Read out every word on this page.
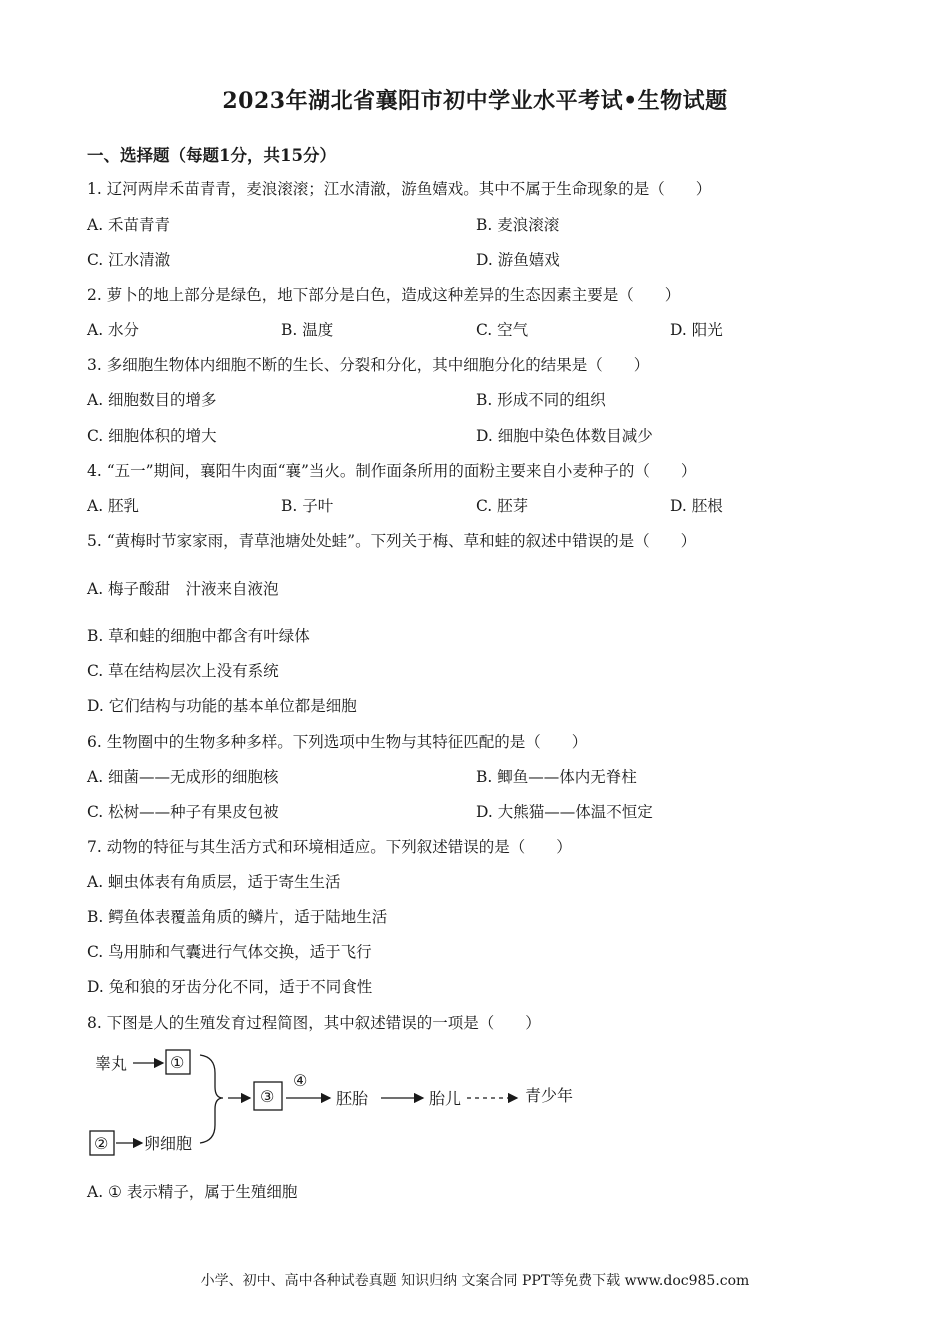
2023年湖北省襄阳市初中学业水平考试•生物试题
一、选择题（每题1分，共15分）
1. 辽河两岸禾苗青青，麦浪滚滚；江水清澈，游鱼嬉戏。其中不属于生命现象的是（　　）
A. 禾苗青青	B. 麦浪滚滚
C. 江水清澈	D. 游鱼嬉戏
2. 萝卜的地上部分是绿色，地下部分是白色，造成这种差异的生态因素主要是（　　）
A. 水分	B. 温度	C. 空气	D. 阳光
3. 多细胞生物体内细胞不断的生长、分裂和分化，其中细胞分化的结果是（　　）
A. 细胞数目的增多	B. 形成不同的组织
C. 细胞体积的增大	D. 细胞中染色体数目减少
4. “五一”期间，襄阳牛肉面“襄”当火。制作面条所用的面粉主要来自小麦种子的（　　）
A. 胚乳	B. 子叶	C. 胚芽	D. 胚根
5. “黄梅时节家家雨，青草池塘处处蛙”。下列关于梅、草和蛙的叙述中错误的是（　　）
A. 梅子酸甜　汁液来自液泡
B. 草和蛙的细胞中都含有叶绿体
C. 草在结构层次上没有系统
D. 它们结构与功能的基本单位都是细胞
6. 生物圈中的生物多种多样。下列选项中生物与其特征匹配的是（　　）
A. 细菌——无成形的细胞核	B. 鲫鱼——体内无脊柱
C. 松树——种子有果皮包被	D. 大熊猫——体温不恒定
7. 动物的特征与其生活方式和环境相适应。下列叙述错误的是（　　）
A. 蛔虫体表有角质层，适于寄生生活
B. 鳄鱼体表覆盖角质的鳞片，适于陆地生活
C. 鸟用肺和气囊进行气体交换，适于飞行
D. 兔和狼的牙齿分化不同，适于不同食性
8. 下图是人的生殖发育过程简图，其中叙述错误的一项是（　　）
睾丸	①
② 卵细胞
③
④
胚胎	胎儿	青少年
A. ① 表示精子，属于生殖细胞
小学、初中、高中各种试卷真题 知识归纳 文案合同 PPT等免费下载 www.doc985.com
